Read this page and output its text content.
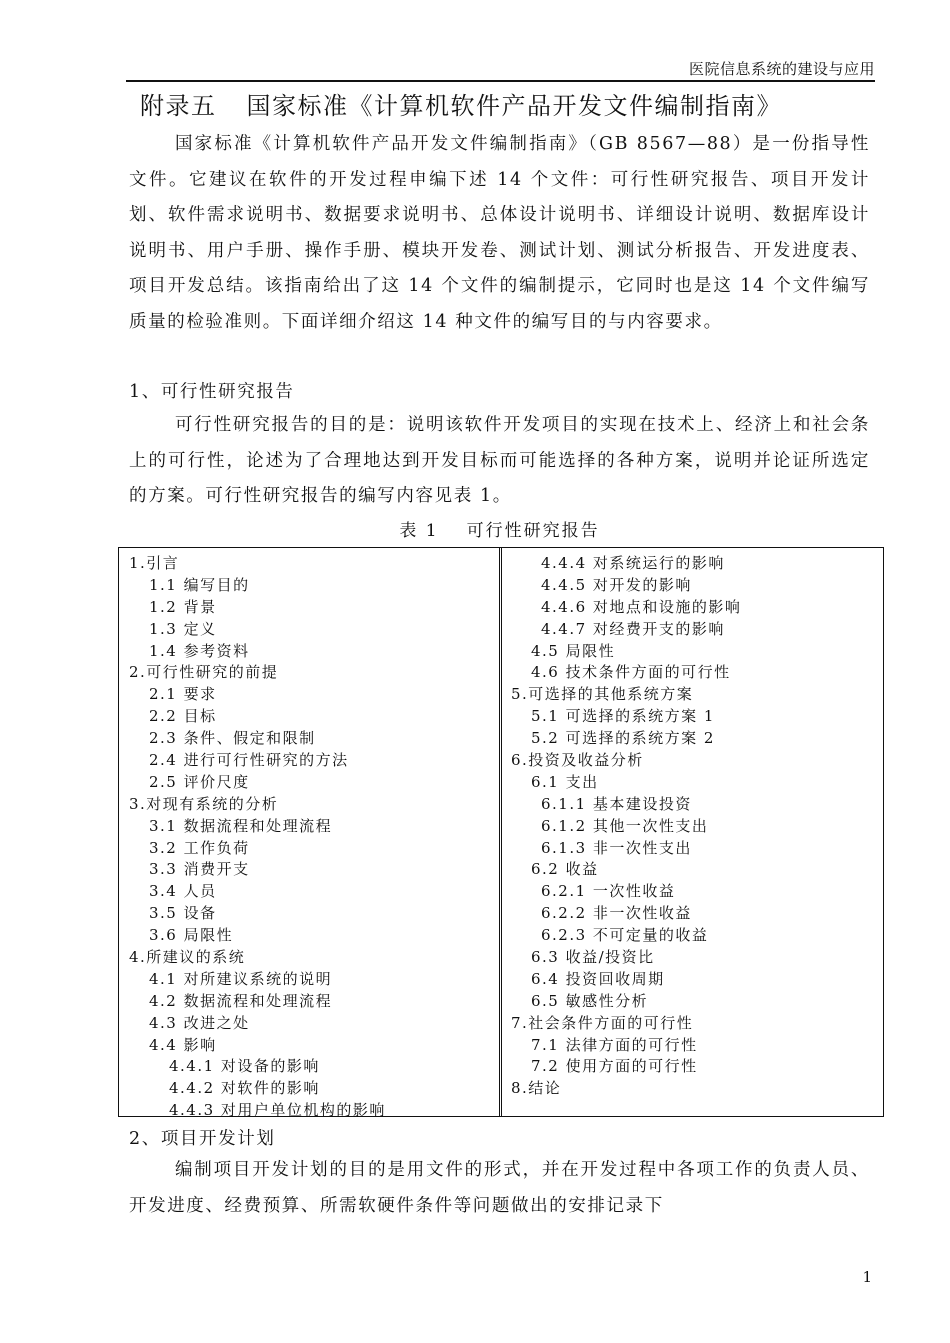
医院信息系统的建设与应用
附录五 国家标准《计算机软件产品开发文件编制指南》

国家标准《计算机软件产品开发文件编制指南》（GB 8567—88）是一份指导性文件。它建议在软件的开发过程申编下述 14 个文件：可行性研究报告、项目开发计划、软件需求说明书、数据要求说明书、总体设计说明书、详细设计说明、数据库设计说明书、用户手册、操作手册、模块开发卷、测试计划、测试分析报告、开发进度表、项目开发总结。该指南给出了这 14 个文件的编制提示，它同时也是这 14 个文件编写质量的检验准则。下面详细介绍这 14 种文件的编写目的与内容要求。

1、可行性研究报告

可行性研究报告的目的是：说明该软件开发项目的实现在技术上、经济上和社会条上的可行性，论述为了合理地达到开发目标而可能选择的各种方案，说明并论证所选定的方案。可行性研究报告的编写内容见表 1。

表 1 可行性研究报告
1.引言
1.1 编写目的
1.2 背景
1.3 定义
1.4 参考资料
2.可行性研究的前提
2.1 要求
2.2 目标
2.3 条件、假定和限制
2.4 进行可行性研究的方法
2.5 评价尺度
3.对现有系统的分析
3.1 数据流程和处理流程
3.2 工作负荷
3.3 消费开支
3.4 人员
3.5 设备
3.6 局限性
4.所建议的系统
4.1 对所建议系统的说明
4.2 数据流程和处理流程
4.3 改进之处
4.4 影响
4.4.1 对设备的影响
4.4.2 对软件的影响
4.4.3 对用户单位机构的影响
4.4.4 对系统运行的影响
4.4.5 对开发的影响
4.4.6 对地点和设施的影响
4.4.7 对经费开支的影响
4.5 局限性
4.6 技术条件方面的可行性
5.可选择的其他系统方案
5.1 可选择的系统方案 1
5.2 可选择的系统方案 2
6.投资及收益分析
6.1 支出
6.1.1 基本建设投资
6.1.2 其他一次性支出
6.1.3 非一次性支出
6.2 收益
6.2.1 一次性收益
6.2.2 非一次性收益
6.2.3 不可定量的收益
6.3 收益/投资比
6.4 投资回收周期
6.5 敏感性分析
7.社会条件方面的可行性
7.1 法律方面的可行性
7.2 使用方面的可行性
8.结论
2、项目开发计划

编制项目开发计划的目的是用文件的形式，并在开发过程中各项工作的负责人员、开发进度、经费预算、所需软硬件条件等问题做出的安排记录下

1
